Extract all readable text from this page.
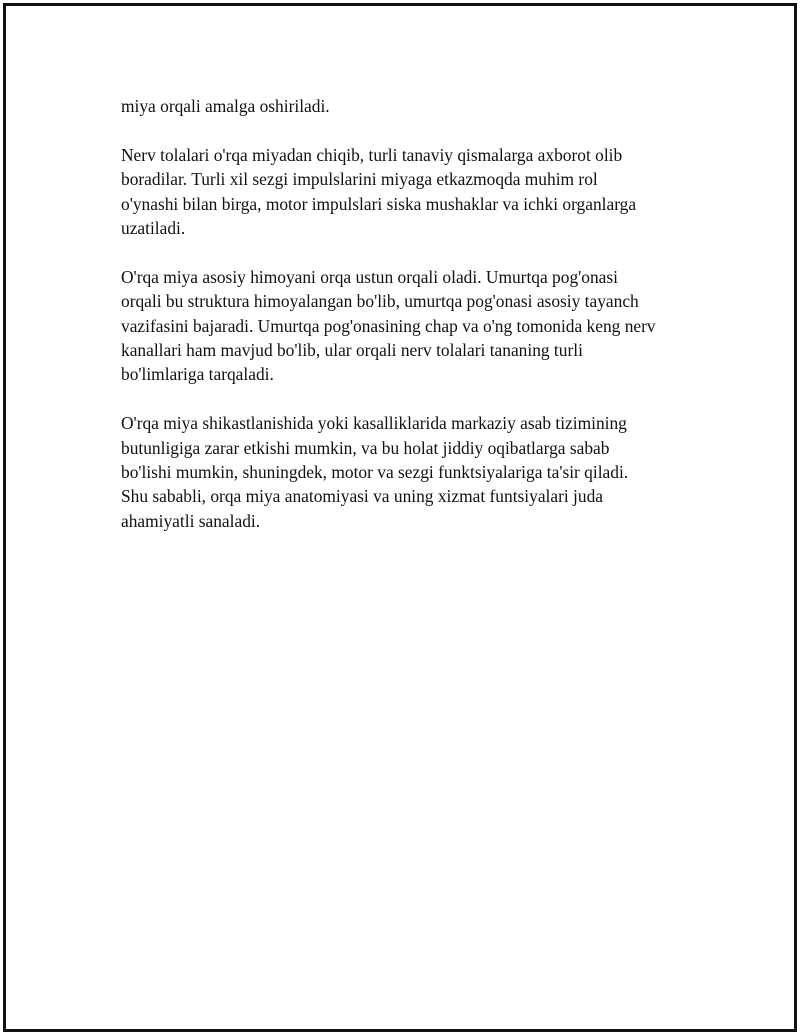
miya orqali amalga oshiriladi.

Nerv tolalari o'rqa miyadan chiqib, turli tanaviy qismalarga axborot olib
boradilar. Turli xil sezgi impulslarini miyaga etkazmoqda muhim rol
o'ynashi bilan birga, motor impulslari siska mushaklar va ichki organlarga
uzatiladi.

O'rqa miya asosiy himoyani orqa ustun orqali oladi. Umurtqa pog'onasi
orqali bu struktura himoyalangan bo'lib, umurtqa pog'onasi asosiy tayanch
vazifasini bajaradi. Umurtqa pog'onasining chap va o'ng tomonida keng nerv
kanallari ham mavjud bo'lib, ular orqali nerv tolalari tananing turli
bo'limlariga tarqaladi.

O'rqa miya shikastlanishida yoki kasalliklarida markaziy asab tizimining
butunligiga zarar etkishi mumkin, va bu holat jiddiy oqibatlarga sabab
bo'lishi mumkin, shuningdek, motor va sezgi funktsiyalariga ta'sir qiladi.
Shu sababli, orqa miya anatomiyasi va uning xizmat funtsiyalari juda
ahamiyatli sanaladi.
